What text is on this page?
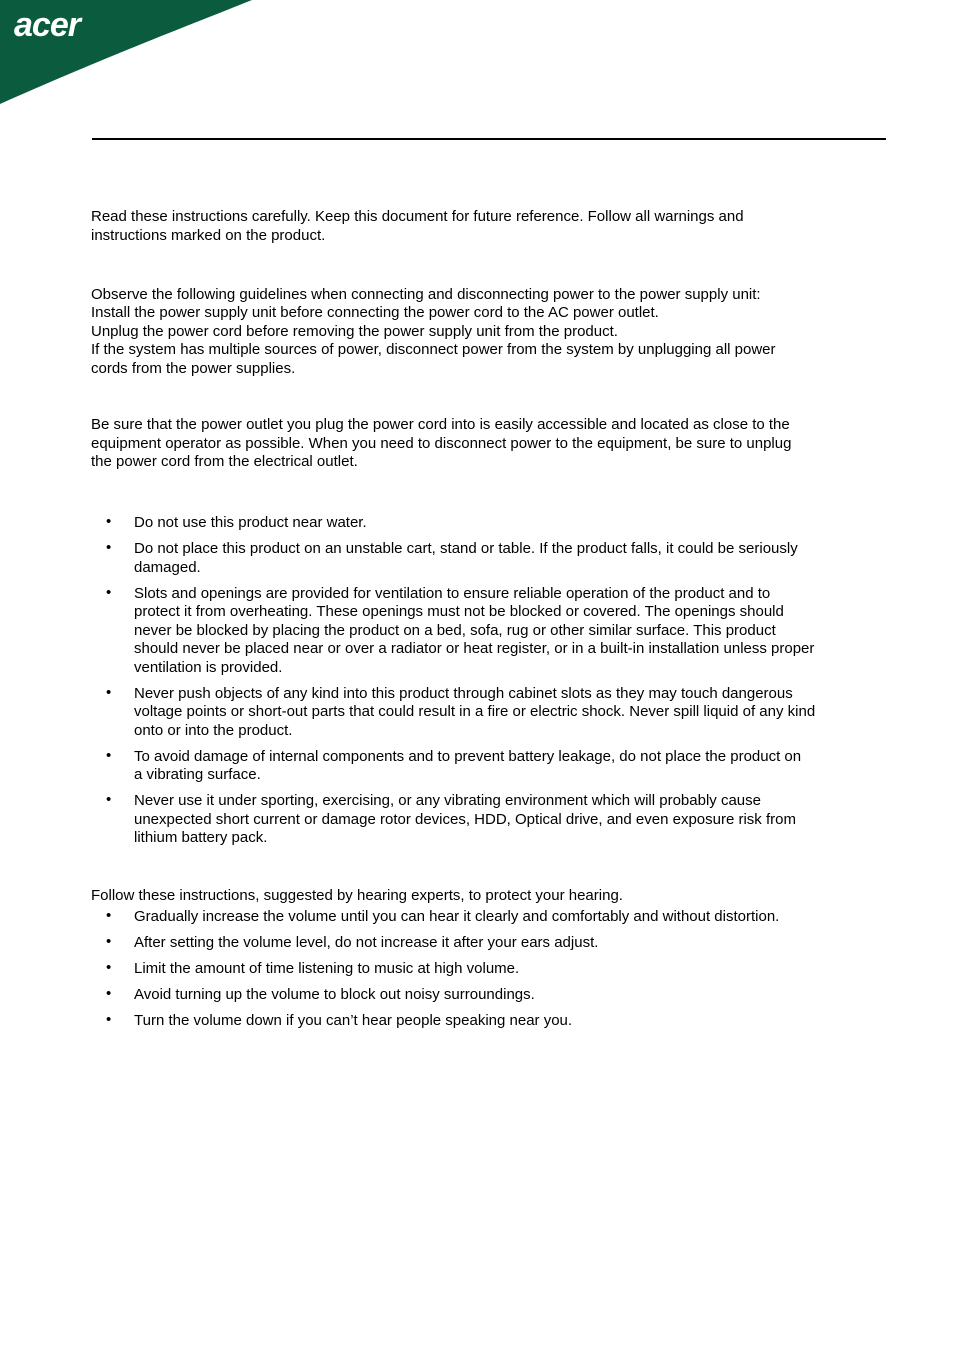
acer
Read these instructions carefully. Keep this document for future reference. Follow all warnings and
instructions marked on the product.
Observe the following guidelines when connecting and disconnecting power to the power supply unit:
Install the power supply unit before connecting the power cord to the AC power outlet.
Unplug the power cord before removing the power supply unit from the product.
If the system has multiple sources of power, disconnect power from the system by unplugging all power
cords from the power supplies.
Be sure that the power outlet you plug the power cord into is easily accessible and located as close to the
equipment operator as possible. When you need to disconnect power to the equipment, be sure to unplug
the power cord from the electrical outlet.
• Do not use this product near water.
• Do not place this product on an unstable cart, stand or table. If the product falls, it could be seriously
damaged.
• Slots and openings are provided for ventilation to ensure reliable operation of the product and to
protect it from overheating. These openings must not be blocked or covered. The openings should
never be blocked by placing the product on a bed, sofa, rug or other similar surface. This product
should never be placed near or over a radiator or heat register, or in a built-in installation unless proper
ventilation is provided.
• Never push objects of any kind into this product through cabinet slots as they may touch dangerous
voltage points or short-out parts that could result in a fire or electric shock. Never spill liquid of any kind
onto or into the product.
• To avoid damage of internal components and to prevent battery leakage, do not place the product on
a vibrating surface.
• Never use it under sporting, exercising, or any vibrating environment which will probably cause
unexpected short current or damage rotor devices, HDD, Optical drive, and even exposure risk from
lithium battery pack.
Follow these instructions, suggested by hearing experts, to protect your hearing.
• Gradually increase the volume until you can hear it clearly and comfortably and without distortion.
• After setting the volume level, do not increase it after your ears adjust.
• Limit the amount of time listening to music at high volume.
• Avoid turning up the volume to block out noisy surroundings.
• Turn the volume down if you can’t hear people speaking near you.
